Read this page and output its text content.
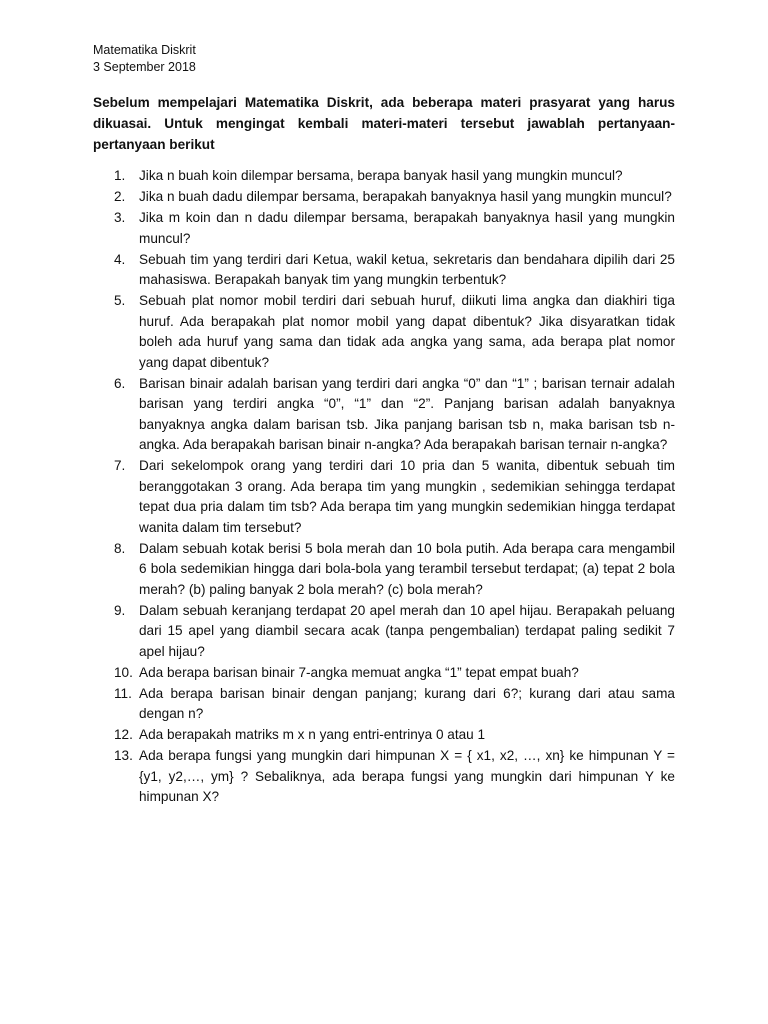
Matematika Diskrit
3 September 2018
Sebelum mempelajari Matematika Diskrit, ada beberapa materi prasyarat yang harus dikuasai. Untuk mengingat kembali materi-materi tersebut jawablah pertanyaan-pertanyaan berikut
1. Jika n buah koin dilempar bersama, berapa banyak hasil yang mungkin muncul?
2. Jika n buah dadu dilempar bersama, berapakah banyaknya hasil yang mungkin muncul?
3. Jika m koin dan n dadu dilempar bersama, berapakah banyaknya hasil yang mungkin muncul?
4. Sebuah tim yang terdiri dari Ketua, wakil ketua, sekretaris dan bendahara dipilih dari 25 mahasiswa. Berapakah banyak tim yang mungkin terbentuk?
5. Sebuah plat nomor mobil terdiri dari sebuah huruf, diikuti lima angka dan diakhiri tiga huruf. Ada berapakah plat nomor mobil yang dapat dibentuk? Jika disyaratkan tidak boleh ada huruf yang sama dan tidak ada angka yang sama, ada berapa plat nomor yang dapat dibentuk?
6. Barisan binair adalah barisan yang terdiri dari angka “0” dan “1” ; barisan ternair adalah barisan yang terdiri angka “0”, “1” dan “2”. Panjang barisan adalah banyaknya banyaknya angka dalam barisan tsb. Jika panjang barisan tsb n, maka barisan tsb n-angka. Ada berapakah barisan binair n-angka? Ada berapakah barisan ternair n-angka?
7. Dari sekelompok orang yang terdiri dari 10 pria dan 5 wanita, dibentuk sebuah tim beranggotakan 3 orang. Ada berapa tim yang mungkin , sedemikian sehingga terdapat tepat dua pria dalam tim tsb? Ada berapa tim yang mungkin sedemikian hingga terdapat wanita dalam tim tersebut?
8. Dalam sebuah kotak berisi 5 bola merah dan 10 bola putih. Ada berapa cara mengambil 6 bola sedemikian hingga dari bola-bola yang terambil tersebut terdapat; (a) tepat 2 bola merah? (b) paling banyak 2 bola merah? (c) bola merah?
9. Dalam sebuah keranjang terdapat 20 apel merah dan 10 apel hijau. Berapakah peluang dari 15 apel yang diambil secara acak (tanpa pengembalian) terdapat paling sedikit 7 apel hijau?
10. Ada berapa barisan binair 7-angka memuat angka “1” tepat empat buah?
11. Ada berapa barisan binair dengan panjang; kurang dari 6?; kurang dari atau sama dengan n?
12. Ada berapakah matriks m x n yang entri-entrinya 0 atau 1
13. Ada berapa fungsi yang mungkin dari himpunan X = { x1, x2, …, xn} ke himpunan Y = {y1, y2,…, ym} ? Sebaliknya, ada berapa fungsi yang mungkin dari himpunan Y ke himpunan X?
